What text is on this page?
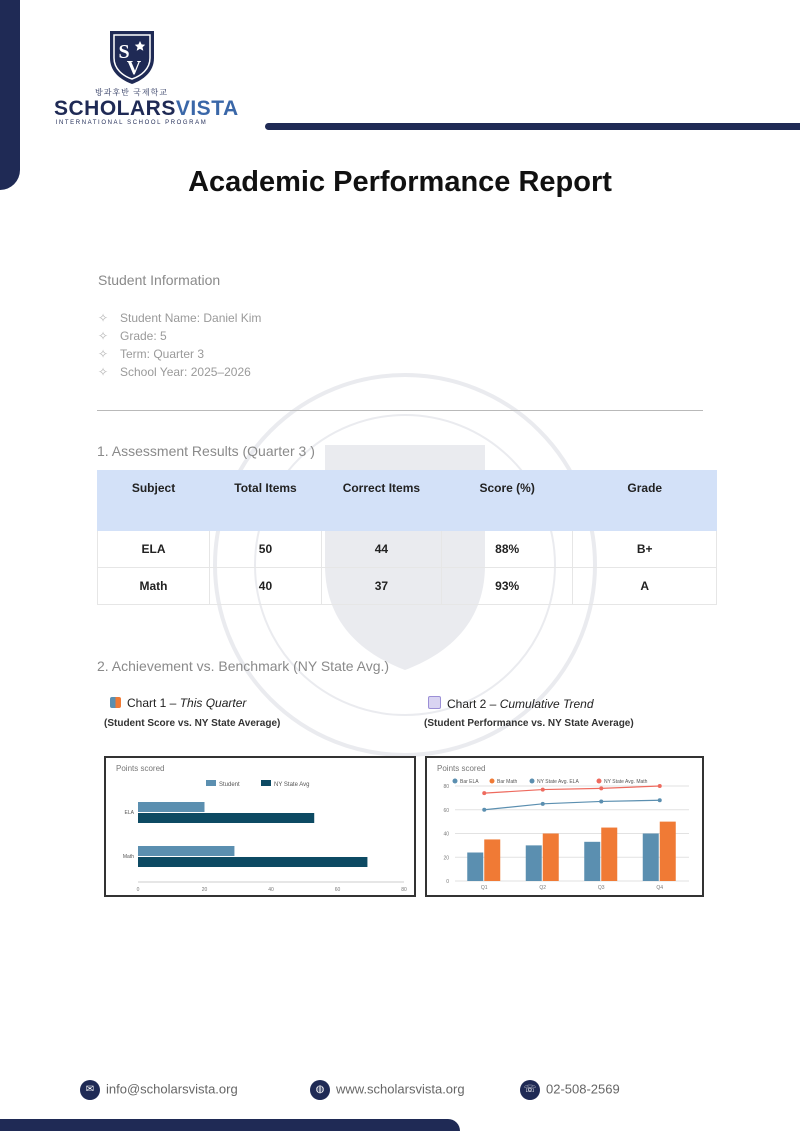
S
V
방과후반 국제학교
SCHOLARSVISTA
INTERNATIONAL SCHOOL PROGRAM
Academic Performance Report
Student Information
✧ Student Name: Daniel Kim
✧ Grade: 5
✧ Term: Quarter 3
✧ School Year: 2025–2026
1. Assessment Results (Quarter 3 )
Subject	Total Items	Correct Items	Score (%)	Grade
ELA	50	44	88%	B+
Math	40	37	93%	A
2. Achievement vs. Benchmark (NY State Avg.)
Chart 1 – This Quarter
(Student Score vs. NY State Average)
Chart 2 – Cumulative Trend
(Student Performance vs. NY State Average)
Points scored
Student	NY State Avg
0	20	40	60	80
ELA
Math
Points scored
Bar ELA	Bar Math	NY State Avg. ELA	NY State Avg. Math
0
20
40
60
80
Q1	Q2	Q3	Q4
✉ info@scholarsvista.org	◍ www.scholarsvista.org	☏ 02-508-2569
